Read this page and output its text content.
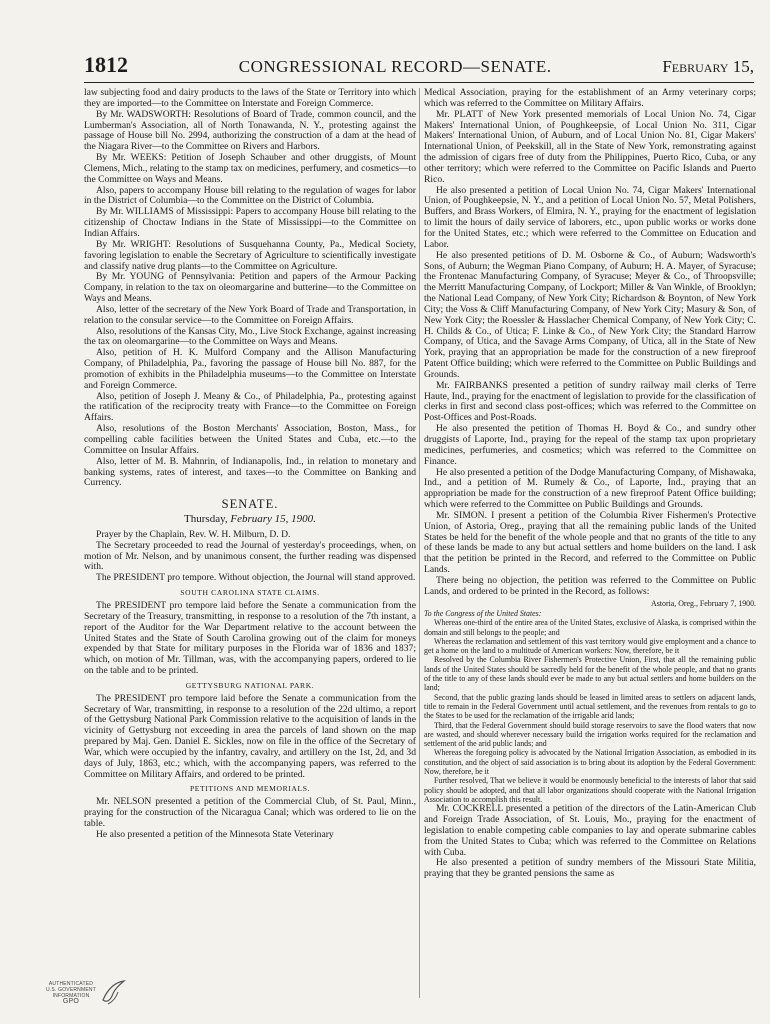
1812	CONGRESSIONAL RECORD—SENATE.	February 15,

law subjecting food and dairy products to the laws of the State or Territory into which they are imported—to the Committee on Interstate and Foreign Commerce.

By Mr. WADSWORTH: Resolutions of Board of Trade, common council, and the Lumberman's Association, all of North Tonawanda, N. Y., protesting against the passage of House bill No. 2994, authorizing the construction of a dam at the head of the Niagara River—to the Committee on Rivers and Harbors.

By Mr. WEEKS: Petition of Joseph Schauber and other druggists, of Mount Clemens, Mich., relating to the stamp tax on medicines, perfumery, and cosmetics—to the Committee on Ways and Means.

Also, papers to accompany House bill relating to the regulation of wages for labor in the District of Columbia—to the Committee on the District of Columbia.

By Mr. WILLIAMS of Mississippi: Papers to accompany House bill relating to the citizenship of Choctaw Indians in the State of Mississippi—to the Committee on Indian Affairs.

By Mr. WRIGHT: Resolutions of Susquehanna County, Pa., Medical Society, favoring legislation to enable the Secretary of Agriculture to scientifically investigate and classify native drug plants—to the Committee on Agriculture.

By Mr. YOUNG of Pennsylvania: Petition and papers of the Armour Packing Company, in relation to the tax on oleomargarine and butterine—to the Committee on Ways and Means.

Also, letter of the secretary of the New York Board of Trade and Transportation, in relation to the consular service—to the Committee on Foreign Affairs.

Also, resolutions of the Kansas City, Mo., Live Stock Exchange, against increasing the tax on oleomargarine—to the Committee on Ways and Means.

Also, petition of H. K. Mulford Company and the Allison Manufacturing Company, of Philadelphia, Pa., favoring the passage of House bill No. 887, for the promotion of exhibits in the Philadelphia museums—to the Committee on Interstate and Foreign Commerce.

Also, petition of Joseph J. Meany & Co., of Philadelphia, Pa., protesting against the ratification of the reciprocity treaty with France—to the Committee on Foreign Affairs.

Also, resolutions of the Boston Merchants' Association, Boston, Mass., for compelling cable facilities between the United States and Cuba, etc.—to the Committee on Insular Affairs.

Also, letter of M. B. Mahnrin, of Indianapolis, Ind., in relation to monetary and banking systems, rates of interest, and taxes—to the Committee on Banking and Currency.

SENATE.

Thursday, February 15, 1900.

Prayer by the Chaplain, Rev. W. H. Milburn, D. D.

The Secretary proceeded to read the Journal of yesterday's proceedings, when, on motion of Mr. Nelson, and by unanimous consent, the further reading was dispensed with.

The PRESIDENT pro tempore. Without objection, the Journal will stand approved.

SOUTH CAROLINA STATE CLAIMS.

The PRESIDENT pro tempore laid before the Senate a communication from the Secretary of the Treasury, transmitting, in response to a resolution of the 7th instant, a report of the Auditor for the War Department relative to the account between the United States and the State of South Carolina growing out of the claim for moneys expended by that State for military purposes in the Florida war of 1836 and 1837; which, on motion of Mr. Tillman, was, with the accompanying papers, ordered to lie on the table and to be printed.

GETTYSBURG NATIONAL PARK.

The PRESIDENT pro tempore laid before the Senate a communication from the Secretary of War, transmitting, in response to a resolution of the 22d ultimo, a report of the Gettysburg National Park Commission relative to the acquisition of lands in the vicinity of Gettysburg not exceeding in area the parcels of land shown on the map prepared by Maj. Gen. Daniel E. Sickles, now on file in the office of the Secretary of War, which were occupied by the infantry, cavalry, and artillery on the 1st, 2d, and 3d days of July, 1863, etc.; which, with the accompanying papers, was referred to the Committee on Military Affairs, and ordered to be printed.

PETITIONS AND MEMORIALS.

Mr. NELSON presented a petition of the Commercial Club, of St. Paul, Minn., praying for the construction of the Nicaragua Canal; which was ordered to lie on the table.

He also presented a petition of the Minnesota State Veterinary

Medical Association, praying for the establishment of an Army veterinary corps; which was referred to the Committee on Military Affairs.

Mr. PLATT of New York presented memorials of Local Union No. 74, Cigar Makers' International Union, of Poughkeepsie, of Local Union No. 311, Cigar Makers' International Union, of Auburn, and of Local Union No. 81, Cigar Makers' International Union, of Peekskill, all in the State of New York, remonstrating against the admission of cigars free of duty from the Philippines, Puerto Rico, Cuba, or any other territory; which were referred to the Committee on Pacific Islands and Puerto Rico.

He also presented a petition of Local Union No. 74, Cigar Makers' International Union, of Poughkeepsie, N. Y., and a petition of Local Union No. 57, Metal Polishers, Buffers, and Brass Workers, of Elmira, N. Y., praying for the enactment of legislation to limit the hours of daily service of laborers, etc., upon public works or works done for the United States, etc.; which were referred to the Committee on Education and Labor.

He also presented petitions of D. M. Osborne & Co., of Auburn; Wadsworth's Sons, of Auburn; the Wegman Piano Company, of Auburn; H. A. Mayer, of Syracuse; the Frontenac Manufacturing Company, of Syracuse; Meyer & Co., of Throopsville; the Merritt Manufacturing Company, of Lockport; Miller & Van Winkle, of Brooklyn; the National Lead Company, of New York City; Richardson & Boynton, of New York City; the Voss & Cliff Manufacturing Company, of New York City; Masury & Son, of New York City; the Roessler & Hasslacher Chemical Company, of New York City; C. H. Childs & Co., of Utica; F. Linke & Co., of New York City; the Standard Harrow Company, of Utica, and the Savage Arms Company, of Utica, all in the State of New York, praying that an appropriation be made for the construction of a new fireproof Patent Office building; which were referred to the Committee on Public Buildings and Grounds.

Mr. FAIRBANKS presented a petition of sundry railway mail clerks of Terre Haute, Ind., praying for the enactment of legislation to provide for the classification of clerks in first and second class post-offices; which was referred to the Committee on Post-Offices and Post-Roads.

He also presented the petition of Thomas H. Boyd & Co., and sundry other druggists of Laporte, Ind., praying for the repeal of the stamp tax upon proprietary medicines, perfumeries, and cosmetics; which was referred to the Committee on Finance.

He also presented a petition of the Dodge Manufacturing Company, of Mishawaka, Ind., and a petition of M. Rumely & Co., of Laporte, Ind., praying that an appropriation be made for the construction of a new fireproof Patent Office building; which were referred to the Committee on Public Buildings and Grounds.

Mr. SIMON. I present a petition of the Columbia River Fishermen's Protective Union, of Astoria, Oreg., praying that all the remaining public lands of the United States be held for the benefit of the whole people and that no grants of the title to any of these lands be made to any but actual settlers and home builders on the land. I ask that the petition be printed in the Record, and referred to the Committee on Public Lands.

There being no objection, the petition was referred to the Committee on Public Lands, and ordered to be printed in the Record, as follows:

Astoria, Oreg., February 7, 1900.

To the Congress of the United States:

Whereas one-third of the entire area of the United States, exclusive of Alaska, is comprised within the domain and still belongs to the people; and

Whereas the reclamation and settlement of this vast territory would give employment and a chance to get a home on the land to a multitude of American workers: Now, therefore, be it

Resolved by the Columbia River Fishermen's Protective Union, First, that all the remaining public lands of the United States should be sacredly held for the benefit of the whole people, and that no grants of the title to any of these lands should ever be made to any but actual settlers and home builders on the land;

Second, that the public grazing lands should be leased in limited areas to settlers on adjacent lands, title to remain in the Federal Government until actual settlement, and the revenues from rentals to go to the States to be used for the reclamation of the irrigable arid lands;

Third, that the Federal Government should build storage reservoirs to save the flood waters that now are wasted, and should wherever necessary build the irrigation works required for the reclamation and settlement of the arid public lands; and

Whereas the foregoing policy is advocated by the National Irrigation Association, as embodied in its constitution, and the object of said association is to bring about its adoption by the Federal Government: Now, therefore, be it

Further resolved, That we believe it would be enormously beneficial to the interests of labor that said policy should be adopted, and that all labor organizations should cooperate with the National Irrigation Association to accomplish this result.

Mr. COCKRELL presented a petition of the directors of the Latin-American Club and Foreign Trade Association, of St. Louis, Mo., praying for the enactment of legislation to enable competing cable companies to lay and operate submarine cables from the United States to Cuba; which was referred to the Committee on Relations with Cuba.

He also presented a petition of sundry members of the Missouri State Militia, praying that they be granted pensions the same as

AUTHENTICATED
U.S. GOVERNMENT
INFORMATION
GPO
